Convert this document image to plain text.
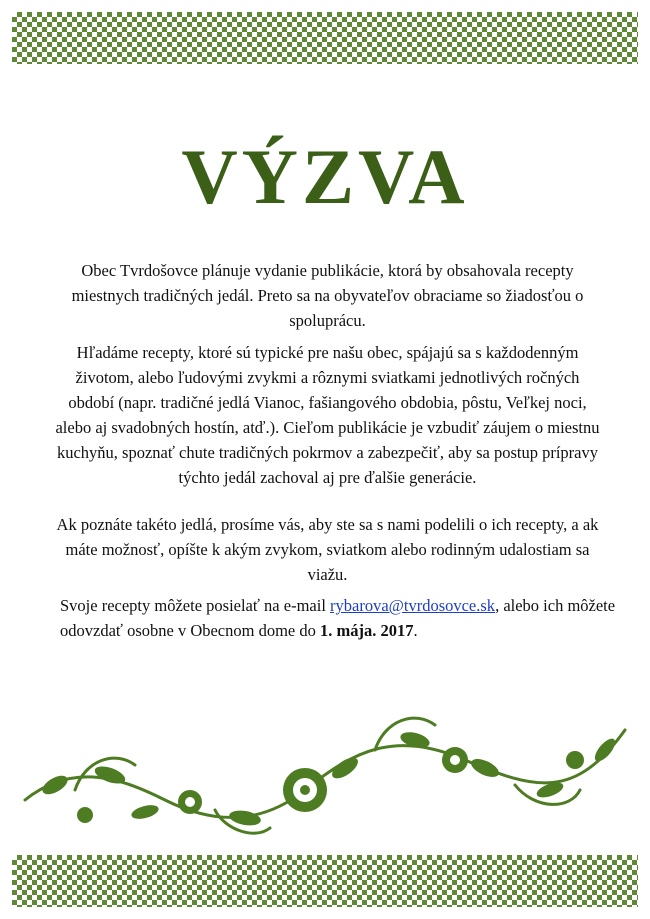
VÝZVA
Obec Tvrdošovce plánuje vydanie publikácie, ktorá by obsahovala recepty miestnych tradičných jedál. Preto sa na obyvateľov obraciame so žiadosťou o spoluprácu.
Hľadáme recepty, ktoré sú typické pre našu obec, spájajú sa s každodenným životom, alebo ľudovými zvykmi a rôznymi sviatkami jednotlivých ročných období (napr. tradičné jedlá Vianoc, fašiangového obdobia, pôstu, Veľkej noci, alebo aj svadobných hostín, atď.). Cieľom publikácie je vzbudiť záujem o miestnu kuchyňu, spoznať chute tradičných pokrmov a zabezpečiť, aby sa postup prípravy týchto jedál zachoval aj pre ďalšie generácie.
Ak poznáte takéto jedlá, prosíme vás, aby ste sa s nami podelili o ich recepty, a ak máte možnosť, opíšte k akým zvykom, sviatkom alebo rodinným udalostiam sa viažu.
Svoje recepty môžete posielať na e-mail rybarova@tvrdosovce.sk, alebo ich môžete odovzdať osobne v Obecnom dome do 1. mája. 2017.
